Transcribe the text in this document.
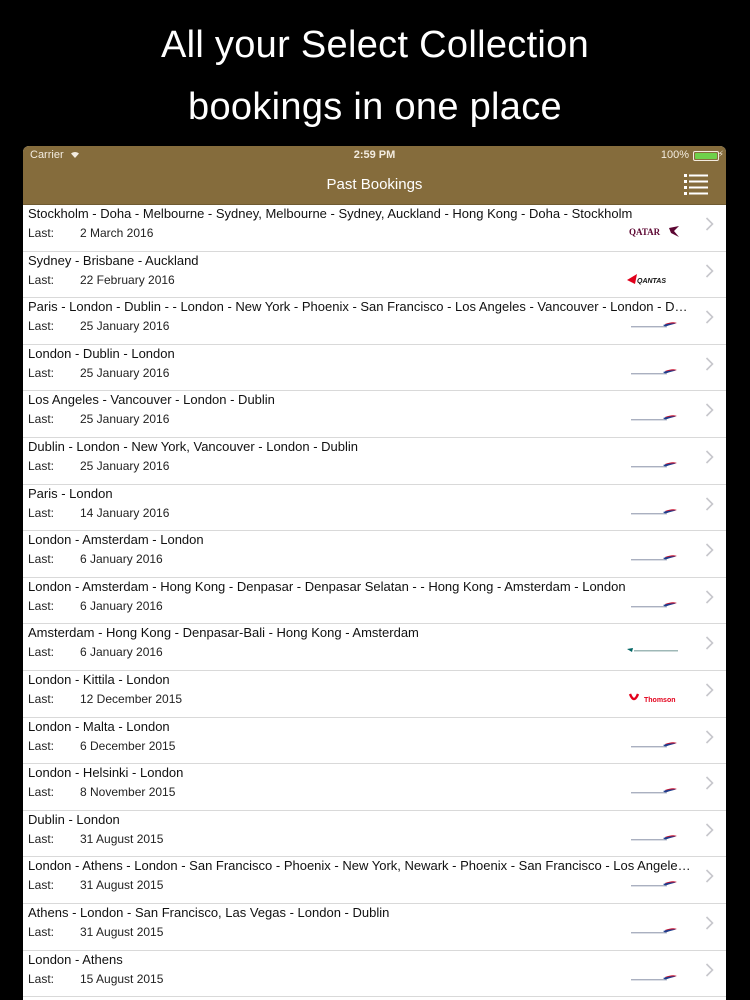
All your Select Collection
bookings in one place
Carrier	2:59 PM	100%	⚡
Past Bookings
Stockholm - Doha - Melbourne - Sydney, Melbourne - Sydney, Auckland - Hong Kong - Doha - Stockholm
Last: 2 March 2016	QATAR
Sydney - Brisbane - Auckland
Last: 22 February 2016	QANTAS
Paris - London - Dublin - - London - New York - Phoenix - San Francisco - Los Angeles - Vancouver - London - D…
Last: 25 January 2016
London - Dublin - London
Last: 25 January 2016
Los Angeles - Vancouver - London - Dublin
Last: 25 January 2016
Dublin - London - New York, Vancouver - London - Dublin
Last: 25 January 2016
Paris - London
Last: 14 January 2016
London - Amsterdam - London
Last: 6 January 2016
London - Amsterdam - Hong Kong - Denpasar - Denpasar Selatan - - Hong Kong - Amsterdam - London
Last: 6 January 2016
Amsterdam - Hong Kong - Denpasar-Bali - Hong Kong - Amsterdam
Last: 6 January 2016
London - Kittila - London
Last: 12 December 2015	Thomson
London - Malta - London
Last: 6 December 2015
London - Helsinki - London
Last: 8 November 2015
Dublin - London
Last: 31 August 2015
London - Athens - London - San Francisco - Phoenix - New York, Newark - Phoenix - San Francisco - Los Angele…
Last: 31 August 2015
Athens - London - San Francisco, Las Vegas - London - Dublin
Last: 31 August 2015
London - Athens
Last: 15 August 2015
